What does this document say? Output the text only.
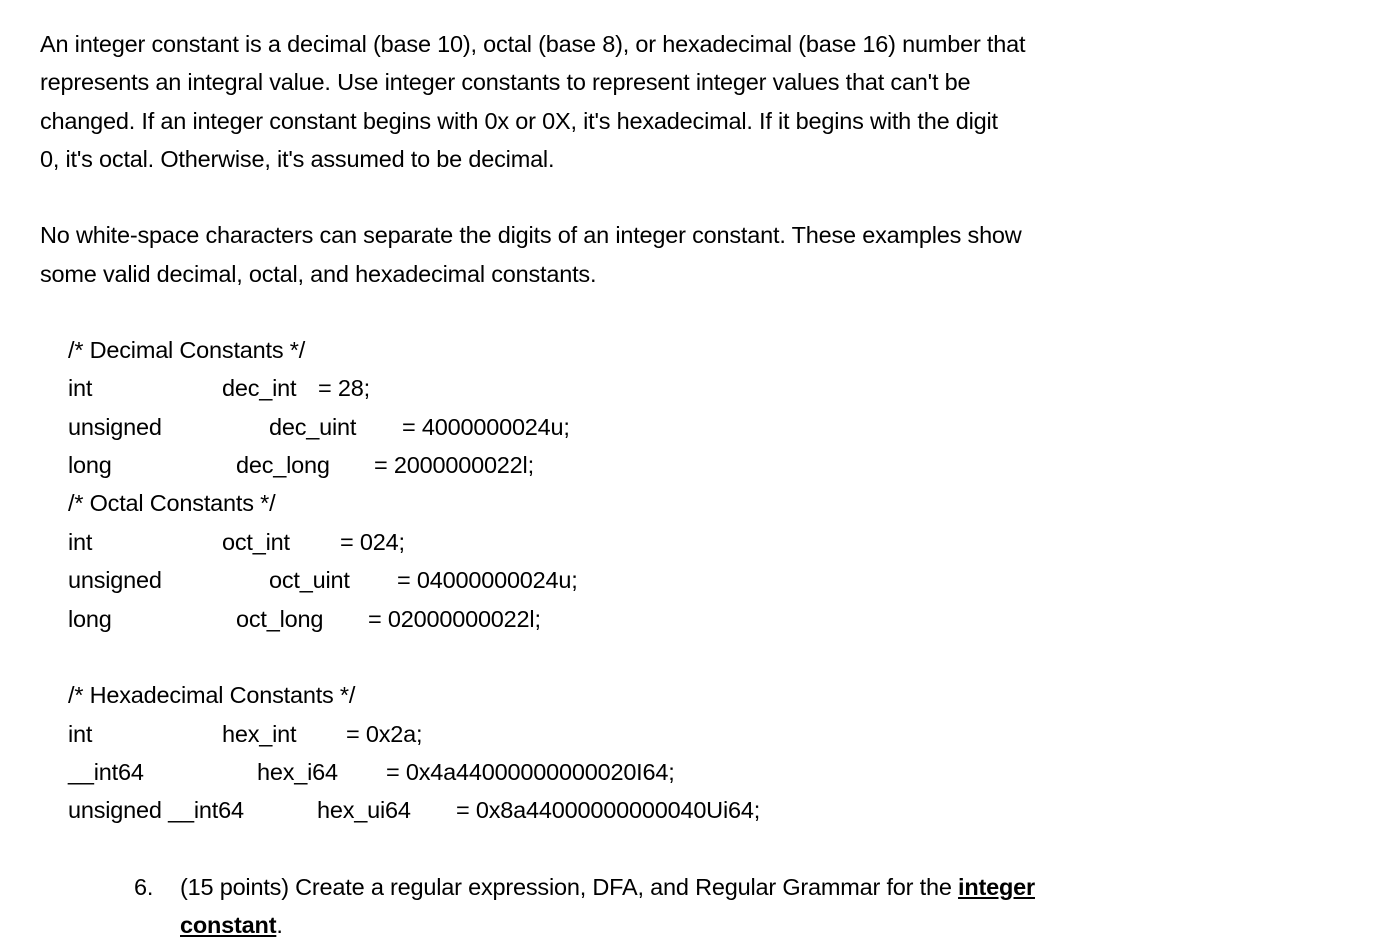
An integer constant is a decimal (base 10), octal (base 8), or hexadecimal (base 16) number that
represents an integral value. Use integer constants to represent integer values that can't be
changed. If an integer constant begins with 0x or 0X, it's hexadecimal. If it begins with the digit
0, it's octal. Otherwise, it's assumed to be decimal.
No white-space characters can separate the digits of an integer constant. These examples show
some valid decimal, octal, and hexadecimal constants.
/* Decimal Constants */
int	dec_int = 28;
unsigned	dec_uint = 4000000024u;
long	dec_long = 2000000022l;
/* Octal Constants */
int	oct_int = 024;
unsigned	oct_uint = 04000000024u;
long	oct_long = 02000000022l;
/* Hexadecimal Constants */
int	hex_int = 0x2a;
__int64	hex_i64 = 0x4a44000000000020I64;
unsigned __int64	hex_ui64 = 0x8a44000000000040Ui64;
6. (15 points) Create a regular expression, DFA, and Regular Grammar for the integer
constant.
